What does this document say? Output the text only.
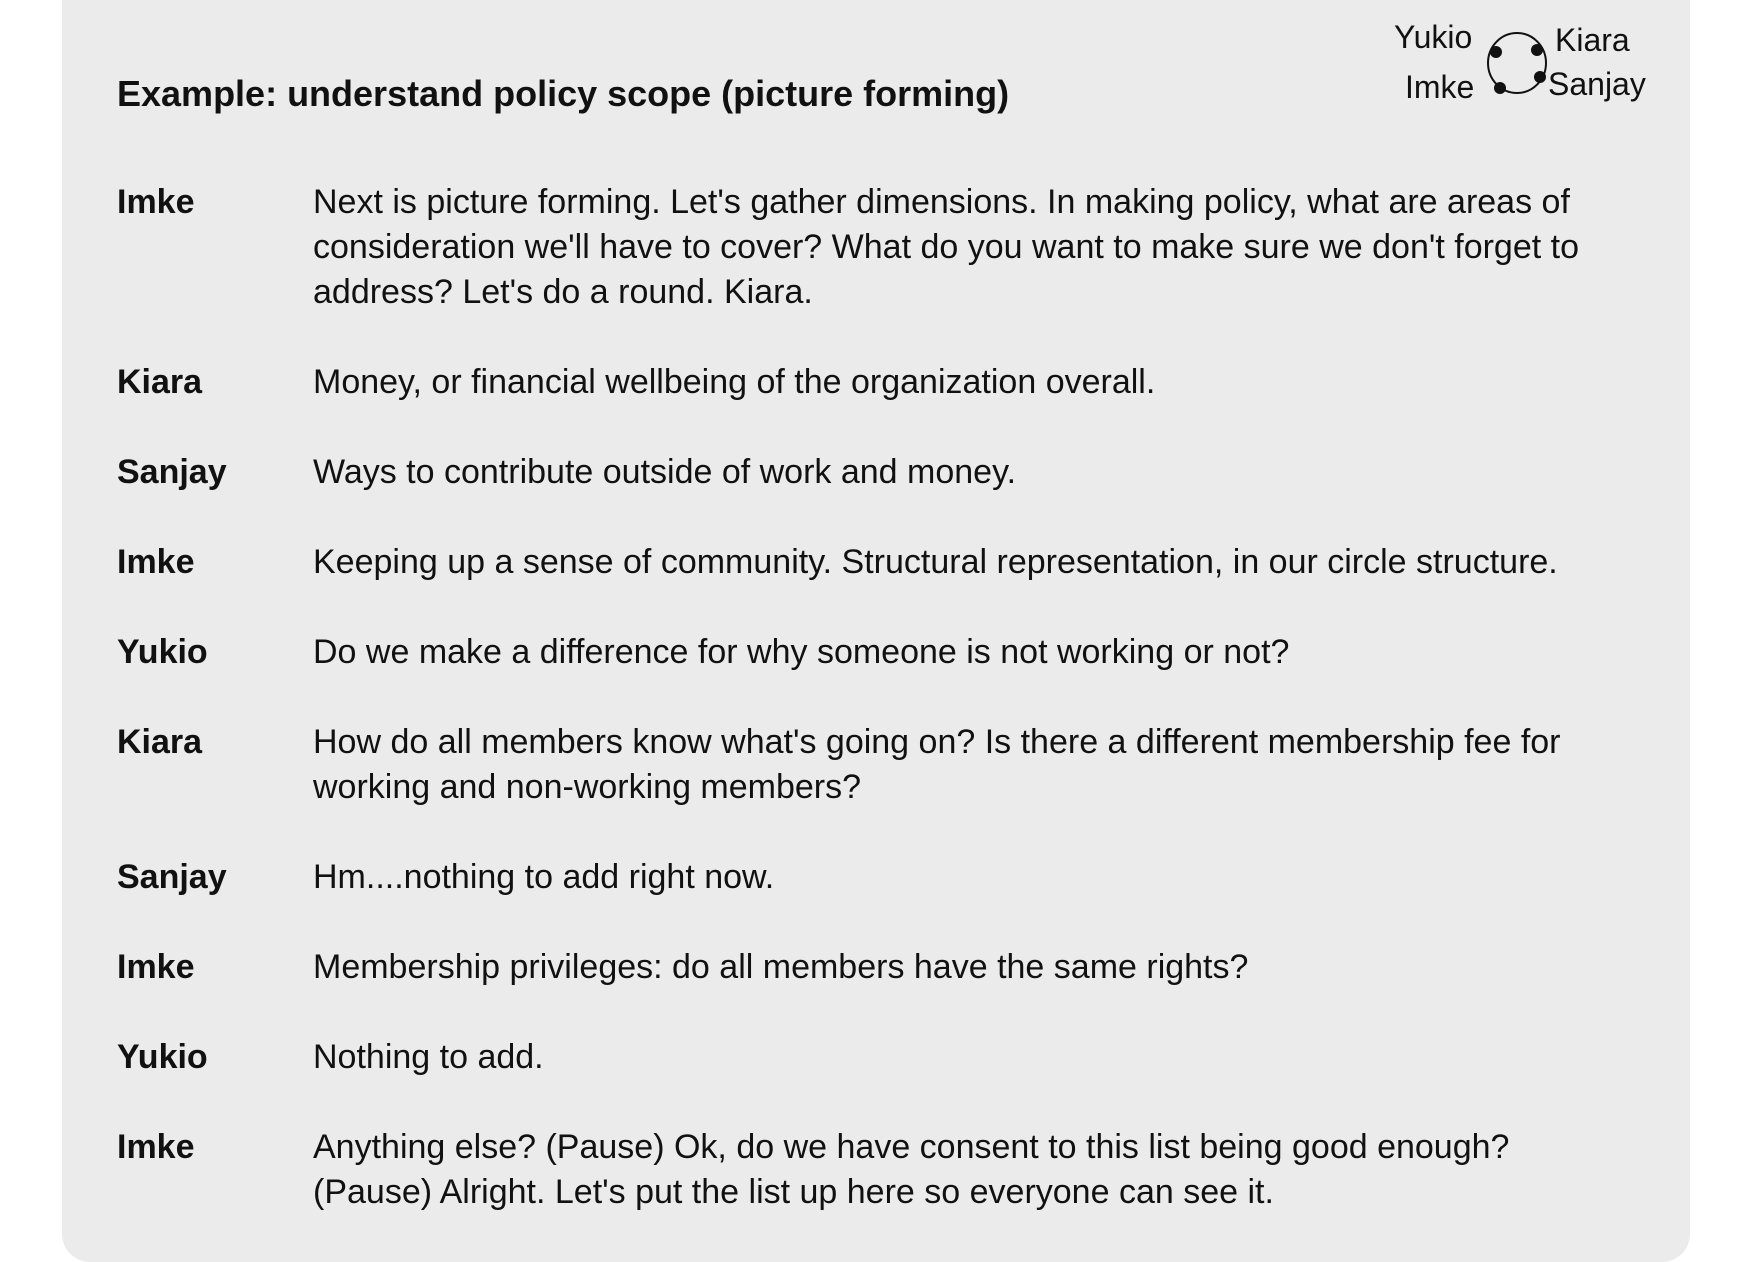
Example: understand policy scope (picture forming)
Yukio	Kiara
Imke Sanjay
Imke	Next is picture forming. Let's gather dimensions. In making policy, what are areas of consideration we'll have to cover? What do you want to make sure we don't forget to address? Let's do a round. Kiara.
Kiara	Money, or financial wellbeing of the organization overall.
Sanjay	Ways to contribute outside of work and money.
Imke	Keeping up a sense of community. Structural representation, in our circle structure.
Yukio	Do we make a difference for why someone is not working or not?
Kiara	How do all members know what's going on? Is there a different membership fee for working and non-working members?
Sanjay	Hm....nothing to add right now.
Imke	Membership privileges: do all members have the same rights?
Yukio	Nothing to add.
Imke	Anything else? (Pause) Ok, do we have consent to this list being good enough? (Pause) Alright. Let's put the list up here so everyone can see it.
